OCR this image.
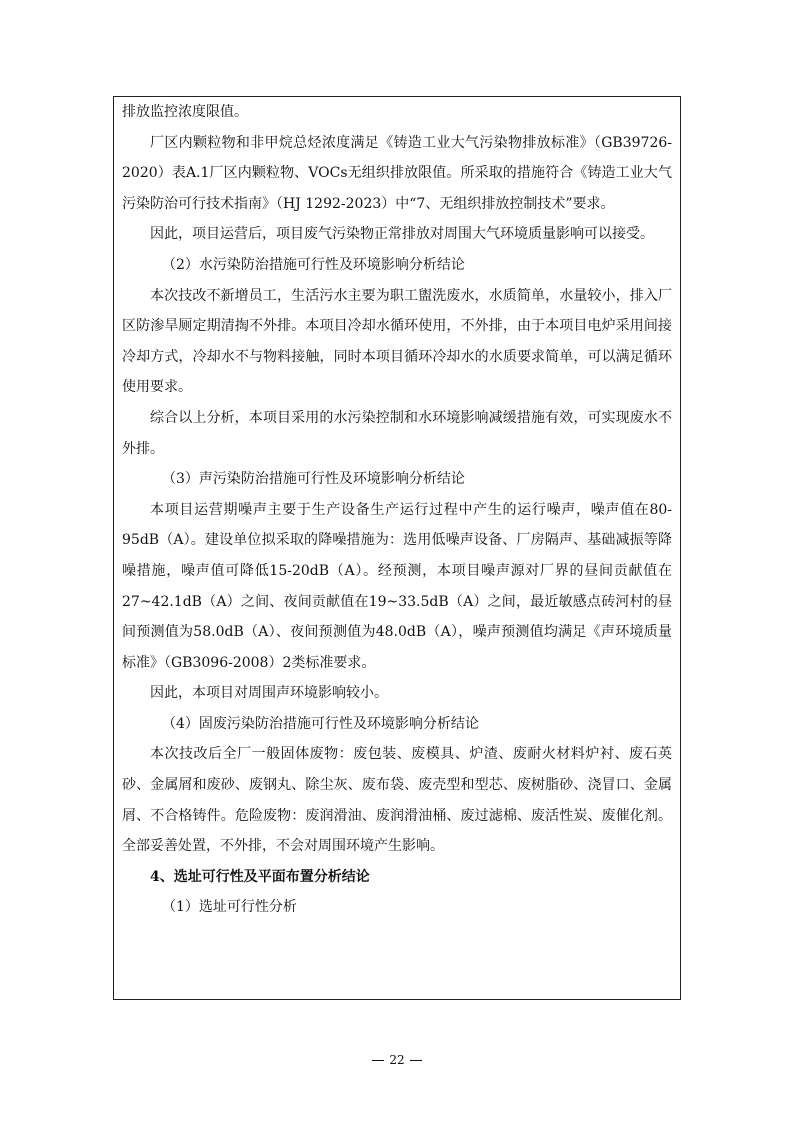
排放监控浓度限值。

厂区内颗粒物和非甲烷总烃浓度满足《铸造工业大气污染物排放标准》（GB39726-2020）表A.1厂区内颗粒物、VOCs无组织排放限值。所采取的措施符合《铸造工业大气污染防治可行技术指南》（HJ 1292-2023）中“7、无组织排放控制技术”要求。

因此，项目运营后，项目废气污染物正常排放对周围大气环境质量影响可以接受。

（2）水污染防治措施可行性及环境影响分析结论

本次技改不新增员工，生活污水主要为职工盥洗废水，水质简单，水量较小，排入厂区防渗旱厕定期清掏不外排。本项目冷却水循环使用，不外排，由于本项目电炉采用间接冷却方式，冷却水不与物料接触，同时本项目循环冷却水的水质要求简单，可以满足循环使用要求。

综合以上分析，本项目采用的水污染控制和水环境影响减缓措施有效，可实现废水不外排。

（3）声污染防治措施可行性及环境影响分析结论

本项目运营期噪声主要于生产设备生产运行过程中产生的运行噪声，噪声值在80-95dB（A）。建设单位拟采取的降噪措施为：选用低噪声设备、厂房隔声、基础减振等降噪措施，噪声值可降低15-20dB（A）。经预测，本项目噪声源对厂界的昼间贡献值在27~42.1dB（A）之间、夜间贡献值在19~33.5dB（A）之间，最近敏感点砖河村的昼间预测值为58.0dB（A）、夜间预测值为48.0dB（A），噪声预测值均满足《声环境质量标准》（GB3096-2008）2类标准要求。

因此，本项目对周围声环境影响较小。

（4）固废污染防治措施可行性及环境影响分析结论

本次技改后全厂一般固体废物：废包装、废模具、炉渣、废耐火材料炉衬、废石英砂、金属屑和废砂、废钢丸、除尘灰、废布袋、废壳型和型芯、废树脂砂、浇冒口、金属屑、不合格铸件。危险废物：废润滑油、废润滑油桶、废过滤棉、废活性炭、废催化剂。全部妥善处置，不外排，不会对周围环境产生影响。

4、选址可行性及平面布置分析结论

（1）选址可行性分析

22
